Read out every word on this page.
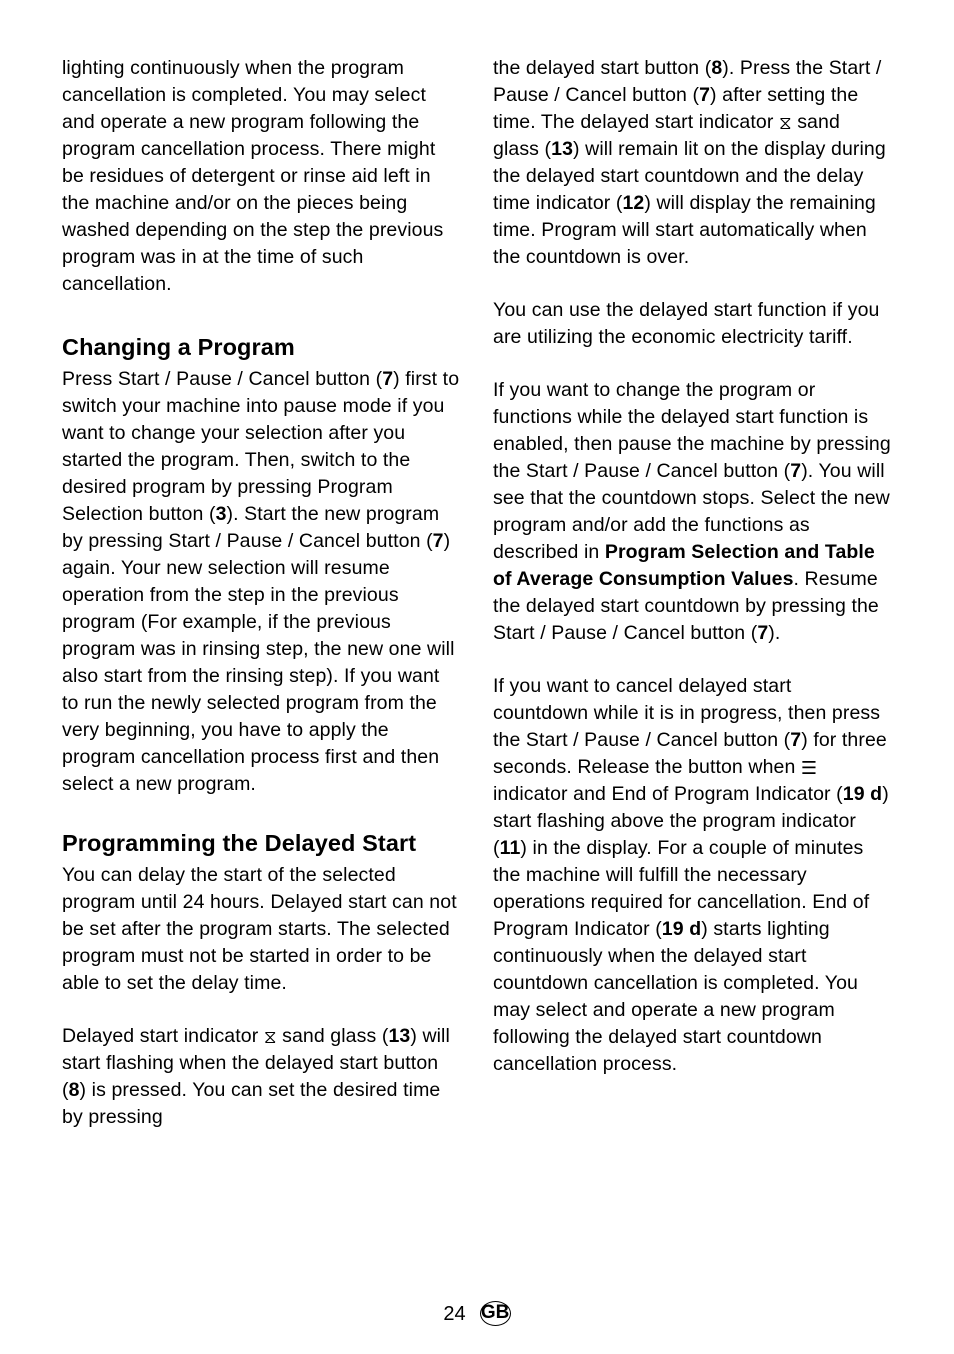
lighting continuously when the program cancellation is completed. You may select and operate a new program following the program cancellation process. There might be residues of detergent or rinse aid left in the machine and/or on the pieces being washed depending on the step the previous program was in at the time of such cancellation.

Changing a Program

Press Start / Pause / Cancel button (7) first to switch your machine into pause mode if you want to change your selection after you started the program. Then, switch to the desired program by pressing Program Selection button (3). Start the new program by pressing Start / Pause / Cancel button (7) again. Your new selection will resume operation from the step in the previous program (For example, if the previous program was in rinsing step, the new one will also start from the rinsing step). If you want to run the newly selected program from the very beginning, you have to apply the program cancellation process first and then select a new program.

Programming the Delayed Start

You can delay the start of the selected program until 24 hours. Delayed start can not be set after the program starts. The selected program must not be started in order to be able to set the delay time.

Delayed start indicator ⧖ sand glass (13) will start flashing when the delayed start button (8) is pressed. You can set the desired time by pressing

the delayed start button (8). Press the Start / Pause / Cancel button (7) after setting the time. The delayed start indicator ⧖ sand glass (13) will remain lit on the display during the delayed start countdown and the delay time indicator (12) will display the remaining time. Program will start automatically when the countdown is over.

You can use the delayed start function if you are utilizing the economic electricity tariff.

If you want to change the program or functions while the delayed start function is enabled, then pause the machine by pressing the Start / Pause / Cancel button (7). You will see that the countdown stops. Select the new program and/or add the functions as described in Program Selection and Table of Average Consumption Values. Resume the delayed start countdown by pressing the Start / Pause / Cancel button (7).

If you want to cancel delayed start countdown while it is in progress, then press the Start / Pause / Cancel button (7) for three seconds. Release the button when ☰ indicator and End of Program Indicator (19 d) start flashing above the program indicator (11) in the display. For a couple of minutes the machine will fulfill the necessary operations required for cancellation. End of Program Indicator (19 d) starts lighting continuously when the delayed start countdown cancellation is completed. You may select and operate a new program following the delayed start countdown cancellation process.

24 GB
